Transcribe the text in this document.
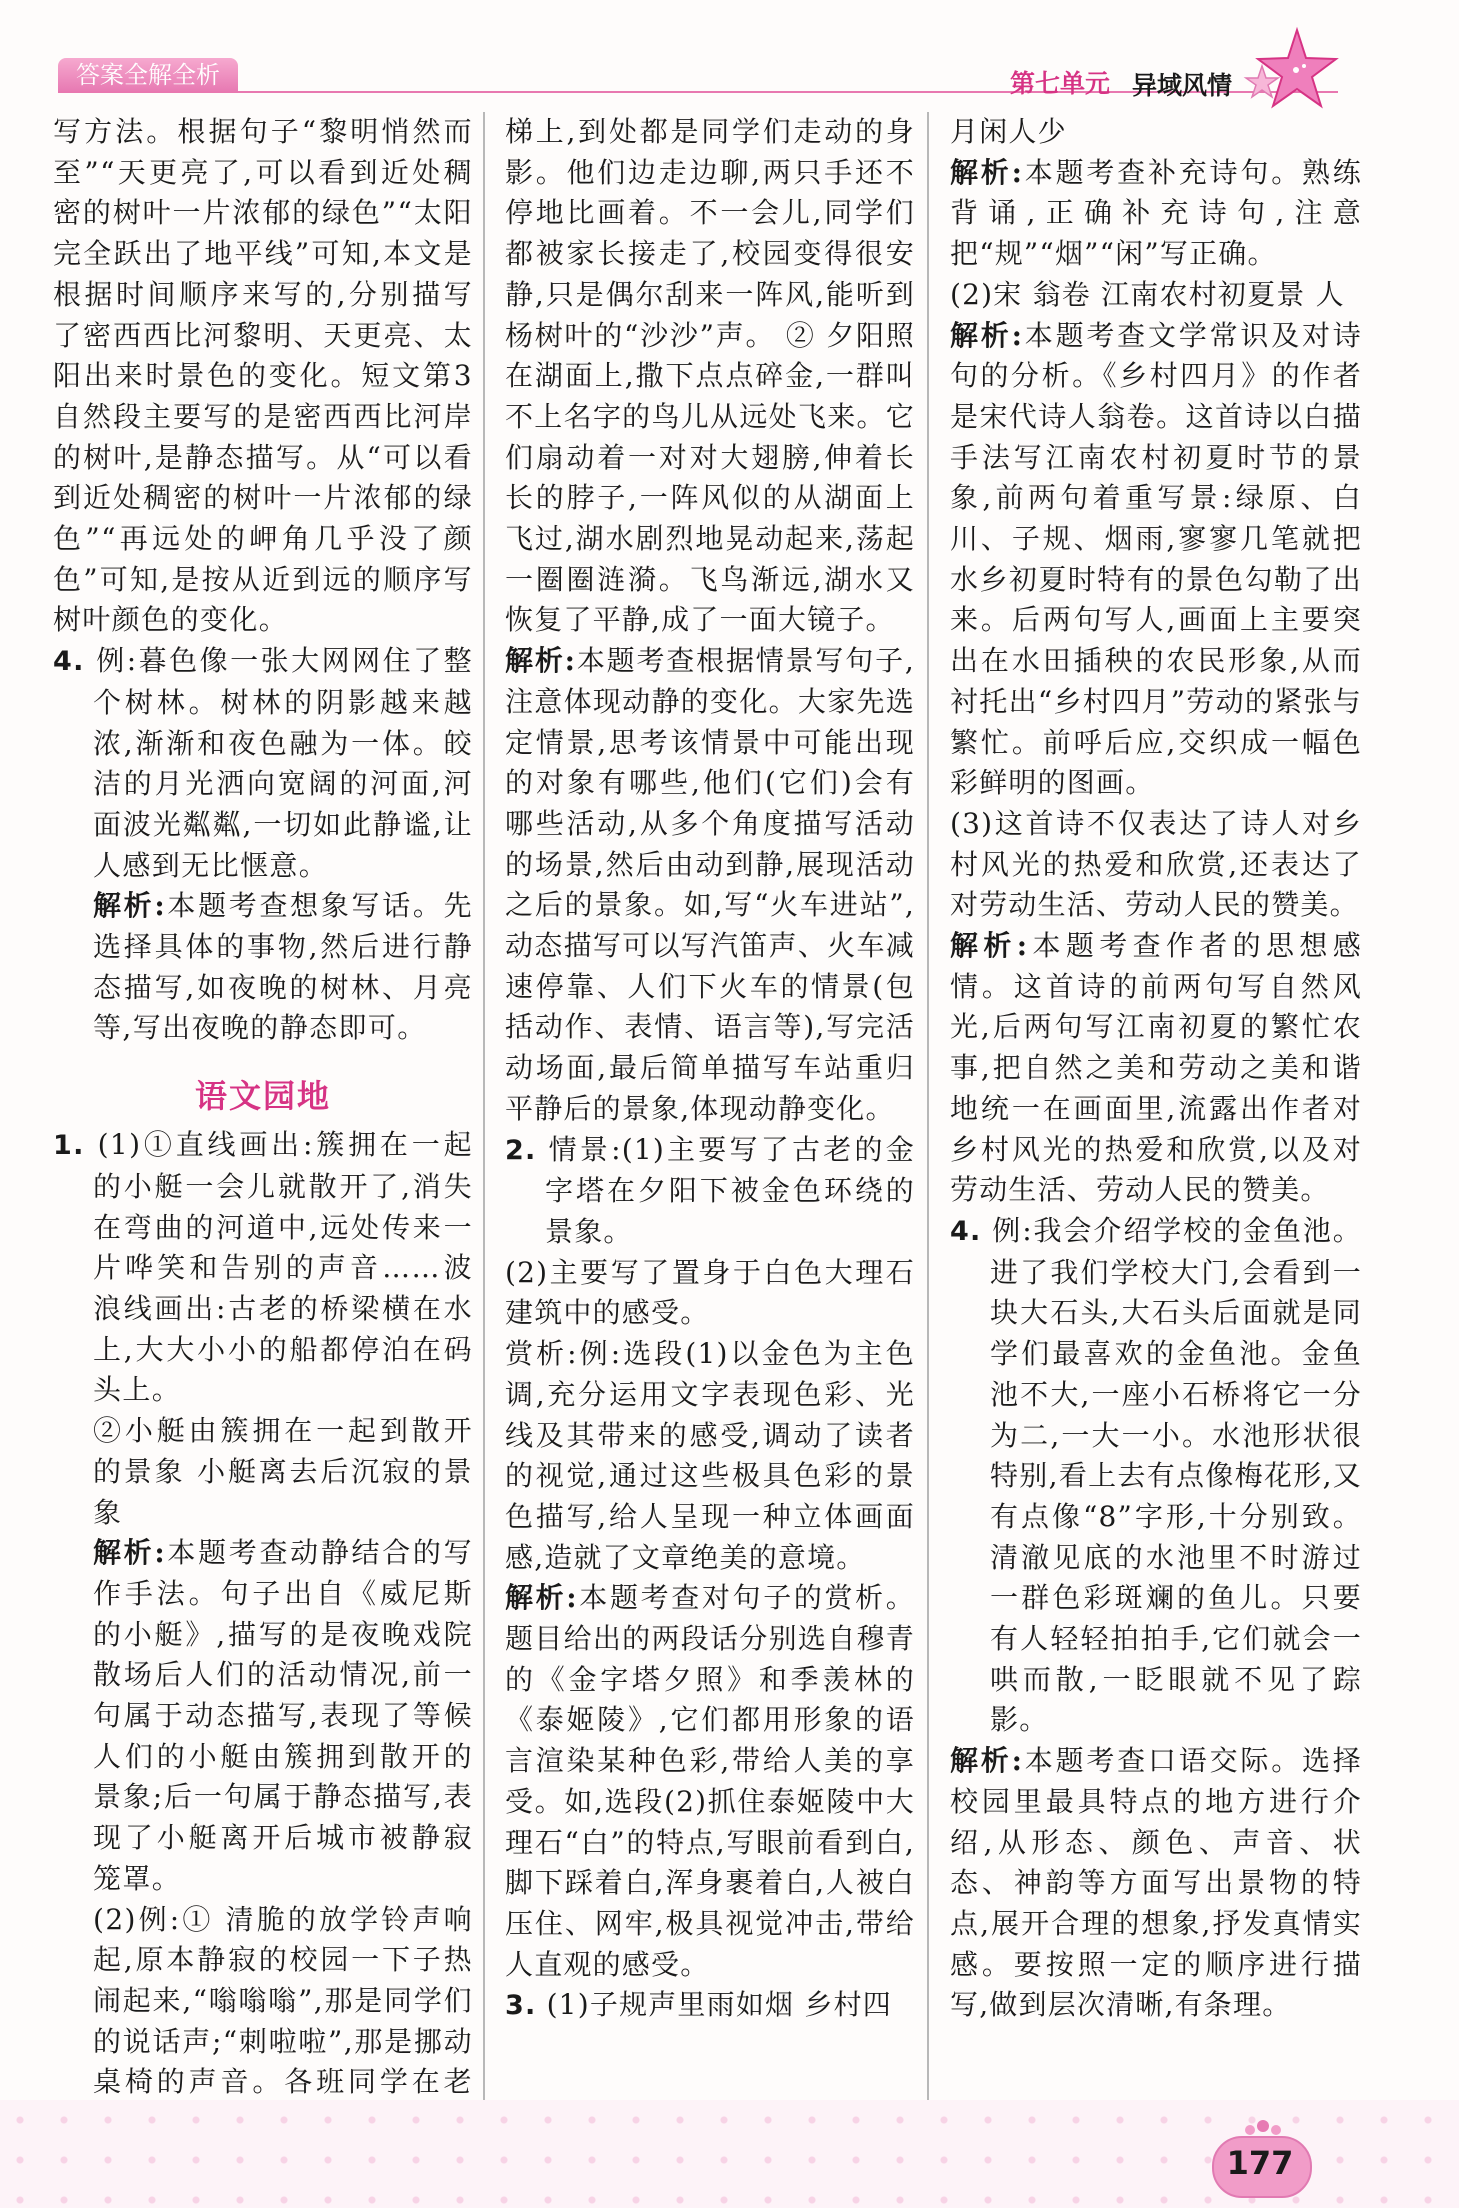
答案全解全析	第七单元 异域风情

写方法。根据句子“黎明悄然而至”“天更亮了,可以看到近处稠密的树叶一片浓郁的绿色”“太阳完全跃出了地平线”可知,本文是根据时间顺序来写的,分别描写了密西西比河黎明、天更亮、太阳出来时景色的变化。短文第3自然段主要写的是密西西比河岸的树叶,是静态描写。从“可以看到近处稠密的树叶一片浓郁的绿色”“再远处的岬角几乎没了颜色”可知,是按从近到远的顺序写树叶颜色的变化。

4. 例:暮色像一张大网网住了整个树林。树林的阴影越来越浓,渐渐和夜色融为一体。皎洁的月光洒向宽阔的河面,河面波光粼粼,一切如此静谧,让人感到无比惬意。

解析:本题考查想象写话。先选择具体的事物,然后进行静态描写,如夜晚的树林、月亮等,写出夜晚的静态即可。

语文园地

1. (1)①直线画出:簇拥在一起的小艇一会儿就散开了,消失在弯曲的河道中,远处传来一片哗笑和告别的声音……波浪线画出:古老的桥梁横在水上,大大小小的船都停泊在码头上。

②小艇由簇拥在一起到散开的景象 小艇离去后沉寂的景象

解析:本题考查动静结合的写作手法。句子出自《威尼斯的小艇》,描写的是夜晚戏院散场后人们的活动情况,前一句属于动态描写,表现了等候人们的小艇由簇拥到散开的景象;后一句属于静态描写,表现了小艇离开后城市被静寂笼罩。

(2)例:① 清脆的放学铃声响起,原本静寂的校园一下子热闹起来,“嗡嗡嗡”,那是同学们的说话声;“刺啦啦”,那是挪动桌椅的声音。各班同学在老

梯上,到处都是同学们走动的身影。他们边走边聊,两只手还不停地比画着。不一会儿,同学们都被家长接走了,校园变得很安静,只是偶尔刮来一阵风,能听到杨树叶的“沙沙”声。 ② 夕阳照在湖面上,撒下点点碎金,一群叫不上名字的鸟儿从远处飞来。它们扇动着一对对大翅膀,伸着长长的脖子,一阵风似的从湖面上飞过,湖水剧烈地晃动起来,荡起一圈圈涟漪。飞鸟渐远,湖水又恢复了平静,成了一面大镜子。

解析:本题考查根据情景写句子,注意体现动静的变化。大家先选定情景,思考该情景中可能出现的对象有哪些,他们(它们)会有哪些活动,从多个角度描写活动的场景,然后由动到静,展现活动之后的景象。如,写“火车进站”,动态描写可以写汽笛声、火车减速停靠、人们下火车的情景(包括动作、表情、语言等),写完活动场面,最后简单描写车站重归平静后的景象,体现动静变化。

2. 情景:(1)主要写了古老的金字塔在夕阳下被金色环绕的景象。

(2)主要写了置身于白色大理石建筑中的感受。

赏析:例:选段(1)以金色为主色调,充分运用文字表现色彩、光线及其带来的感受,调动了读者的视觉,通过这些极具色彩的景色描写,给人呈现一种立体画面感,造就了文章绝美的意境。

解析:本题考查对句子的赏析。题目给出的两段话分别选自穆青的《金字塔夕照》和季羡林的《泰姬陵》,它们都用形象的语言渲染某种色彩,带给人美的享受。如,选段(2)抓住泰姬陵中大理石“白”的特点,写眼前看到白,脚下踩着白,浑身裹着白,人被白压住、网牢,极具视觉冲击,带给人直观的感受。

3. (1)子规声里雨如烟 乡村四

月闲人少

解析:本题考查补充诗句。熟练背诵,正确补充诗句,注意把“规”“烟”“闲”写正确。

(2)宋 翁卷 江南农村初夏景 人

解析:本题考查文学常识及对诗句的分析。《乡村四月》的作者是宋代诗人翁卷。这首诗以白描手法写江南农村初夏时节的景象,前两句着重写景:绿原、白川、子规、烟雨,寥寥几笔就把水乡初夏时特有的景色勾勒了出来。后两句写人,画面上主要突出在水田插秧的农民形象,从而衬托出“乡村四月”劳动的紧张与繁忙。前呼后应,交织成一幅色彩鲜明的图画。

(3)这首诗不仅表达了诗人对乡村风光的热爱和欣赏,还表达了对劳动生活、劳动人民的赞美。

解析:本题考查作者的思想感情。这首诗的前两句写自然风光,后两句写江南初夏的繁忙农事,把自然之美和劳动之美和谐地统一在画面里,流露出作者对乡村风光的热爱和欣赏,以及对劳动生活、劳动人民的赞美。

4. 例:我会介绍学校的金鱼池。进了我们学校大门,会看到一块大石头,大石头后面就是同学们最喜欢的金鱼池。金鱼池不大,一座小石桥将它一分为二,一大一小。水池形状很特别,看上去有点像梅花形,又有点像“8”字形,十分别致。清澈见底的水池里不时游过一群色彩斑斓的鱼儿。只要有人轻轻拍拍手,它们就会一哄而散,一眨眼就不见了踪影。

解析:本题考查口语交际。选择校园里最具特点的地方进行介绍,从形态、颜色、声音、状态、神韵等方面写出景物的特点,展开合理的想象,抒发真情实感。要按照一定的顺序进行描写,做到层次清晰,有条理。

177
